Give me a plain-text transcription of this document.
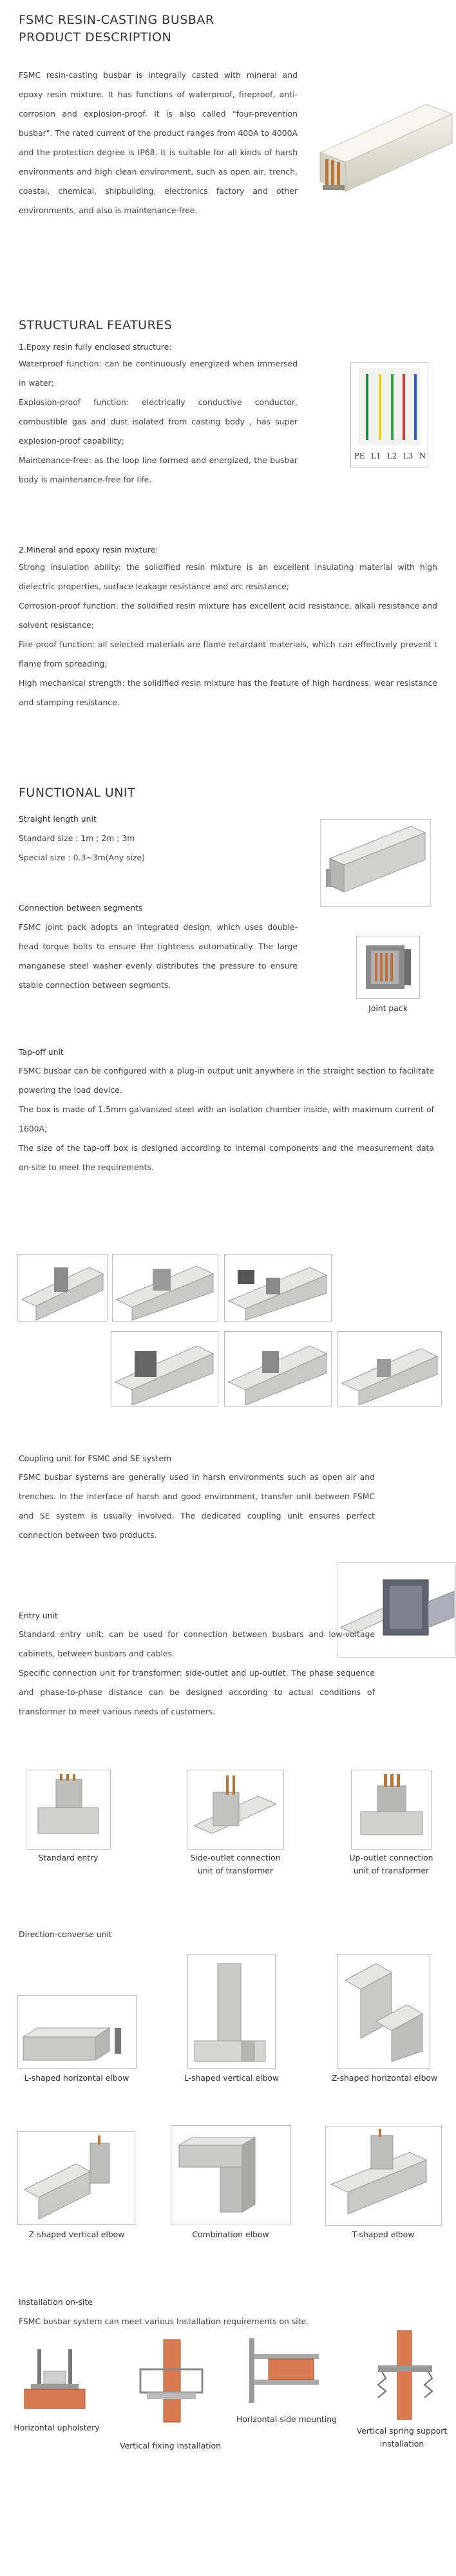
FSMC RESIN-CASTING BUSBAR
PRODUCT DESCRIPTION

FSMC resin-casting busbar is integrally casted with mineral and epoxy resin mixture. It has functions of waterproof, fireproof, anti-corrosion and explosion-proof. It is also called "four-prevention busbar". The rated current of the product ranges from 400A to 4000A and the protection degree is IP68. It is suitable for all kinds of harsh environments and high clean environment, such as open air, trench, coastal, chemical, shipbuilding, electronics factory and other environments, and also is maintenance-free.

STRUCTURAL FEATURES
1.Epoxy resin fully enclosed structure:

Waterproof function: can be continuously energized when immersed in water;

Explosion-proof function: electrically conductive conductor, combustible gas and dust isolated from casting body , has super explosion-proof capability;

Maintenance-free: as the loop line formed and energized, the busbar body is maintenance-free for life.

PE L1 L2 L3 N
2.Mineral and epoxy resin mixture:

Strong insulation ability: the solidified resin mixture is an excellent insulating material with high dielectric properties, surface leakage resistance and arc resistance;

Corrosion-proof function: the solidified resin mixture has excellent acid resistance, alkali resistance and solvent resistance;

Fire-proof function: all selected materials are flame retardant materials, which can effectively prevent t flame from spreading;

High mechanical strength: the solidified resin mixture has the feature of high hardness, wear resistance and stamping resistance.

FUNCTIONAL UNIT
Straight length unit
Standard size : 1m ; 2m ; 3m
Special size : 0.3~3m(Any size)
Connection between segments

FSMC joint pack adopts an integrated design, which uses double-head torque bolts to ensure the tightness automatically. The large manganese steel washer evenly distributes the pressure to ensure stable connection between segments.

Joint pack
Tap-off unit

FSMC busbar can be configured with a plug-in output unit anywhere in the straight section to facilitate powering the load device.

The box is made of 1.5mm galvanized steel with an isolation chamber inside, with maximum current of 1600A;

The size of the tap-off box is designed according to internal components and the measurement data on-site to meet the requirements.

Coupling unit for FSMC and SE system

FSMC busbar systems are generally used in harsh environments such as open air and trenches. In the interface of harsh and good environment, transfer unit between FSMC and SE system is usually involved. The dedicated coupling unit ensures perfect connection between two products.

Entry unit

Standard entry unit: can be used for connection between busbars and low-voltage cabinets, between busbars and cables.

Specific connection unit for transformer: side-outlet and up-outlet. The phase sequence and phase-to-phase distance can be designed according to actual conditions of transformer to meet various needs of customers.

Standard entry	Side-outlet connection unit of transformer
Up-outlet connection unit of transformer
Direction-converse unit
L-shaped horizontal elbow	L-shaped vertical elbow	Z-shaped horizontal elbow
Z-shaped vertical elbow	Combination elbow	T-shaped elbow
Installation on-site
FSMC busbar system can meet various Installation requirements on site.
Horizontal upholstery
Vertical fixing installation
Horizontal side mounting
Vertical spring support installation
